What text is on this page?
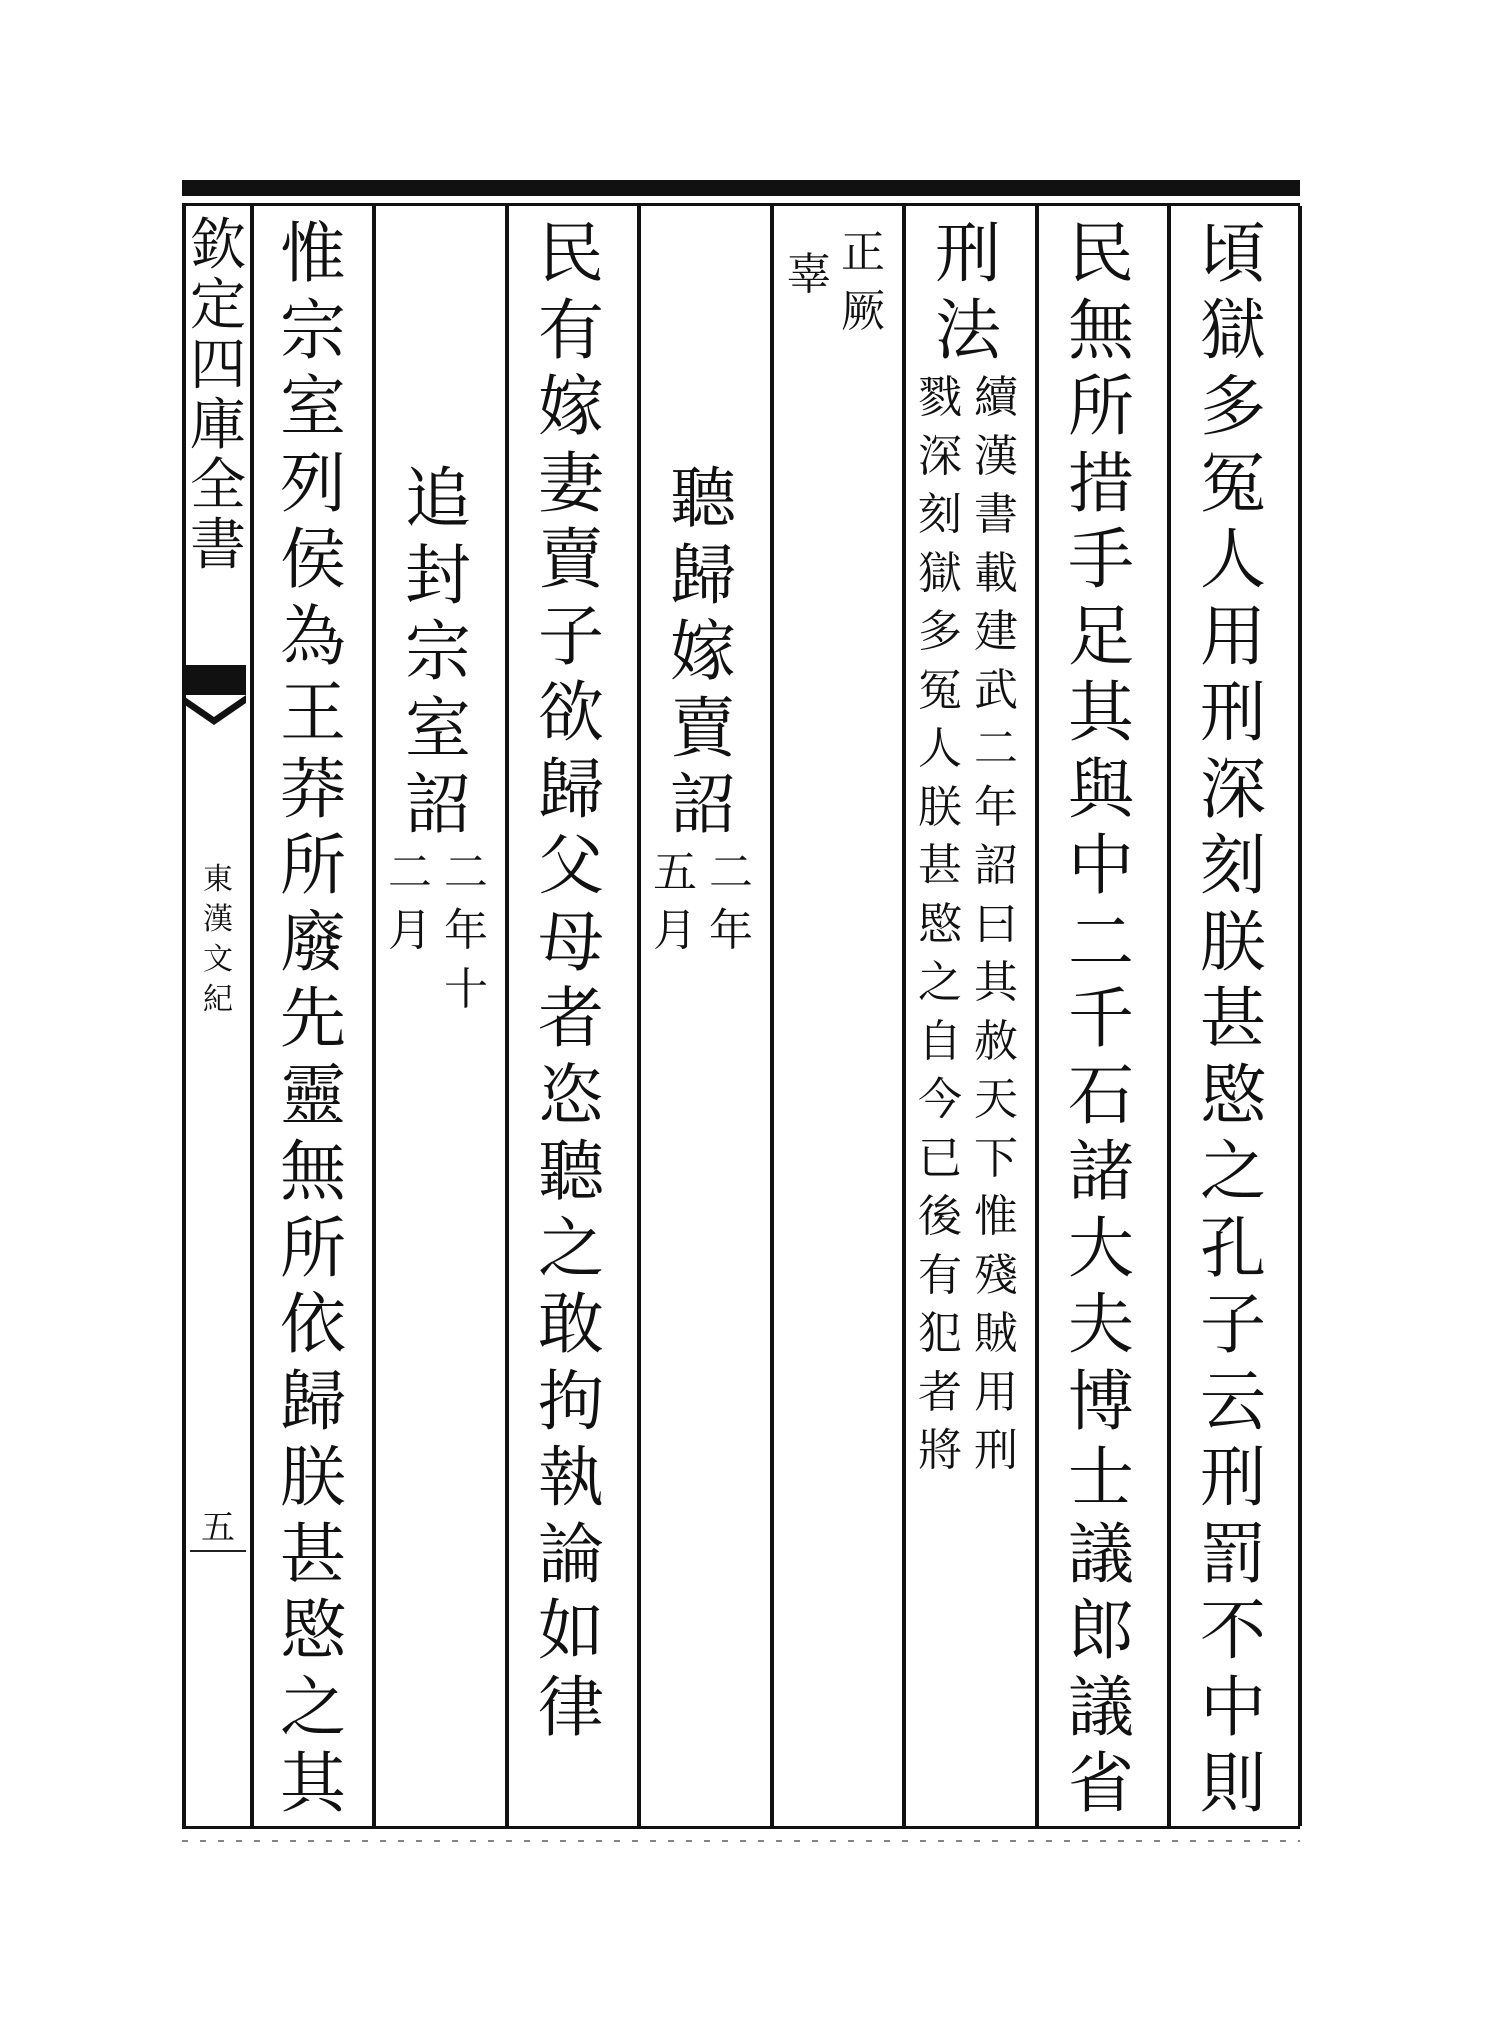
欽
定
四
庫
全
書
東
漢
文
紀
五
頃
獄
多
冤
人
用
刑
深
刻
朕
甚
愍
之
孔
子
云
刑
罰
不
中
則
民
無
所
措
手
足
其
與
中
二
千
石
諸
大
夫
博
士
議
郎
議
省
刑
法
續
漢
書
載
建
武
二
年
詔
曰
其
赦
天
下
惟
殘
賊
用
刑
戮
深
刻
獄
多
冤
人
朕
甚
愍
之
自
今
已
後
有
犯
者
將
正
厥
辜
聽
歸
嫁
賣
詔
二
年
五
月
民
有
嫁
妻
賣
子
欲
歸
父
母
者
恣
聽
之
敢
拘
執
論
如
律
追
封
宗
室
詔
二
年
十
二
月
惟
宗
室
列
侯
為
王
莽
所
廢
先
靈
無
所
依
歸
朕
甚
愍
之
其
